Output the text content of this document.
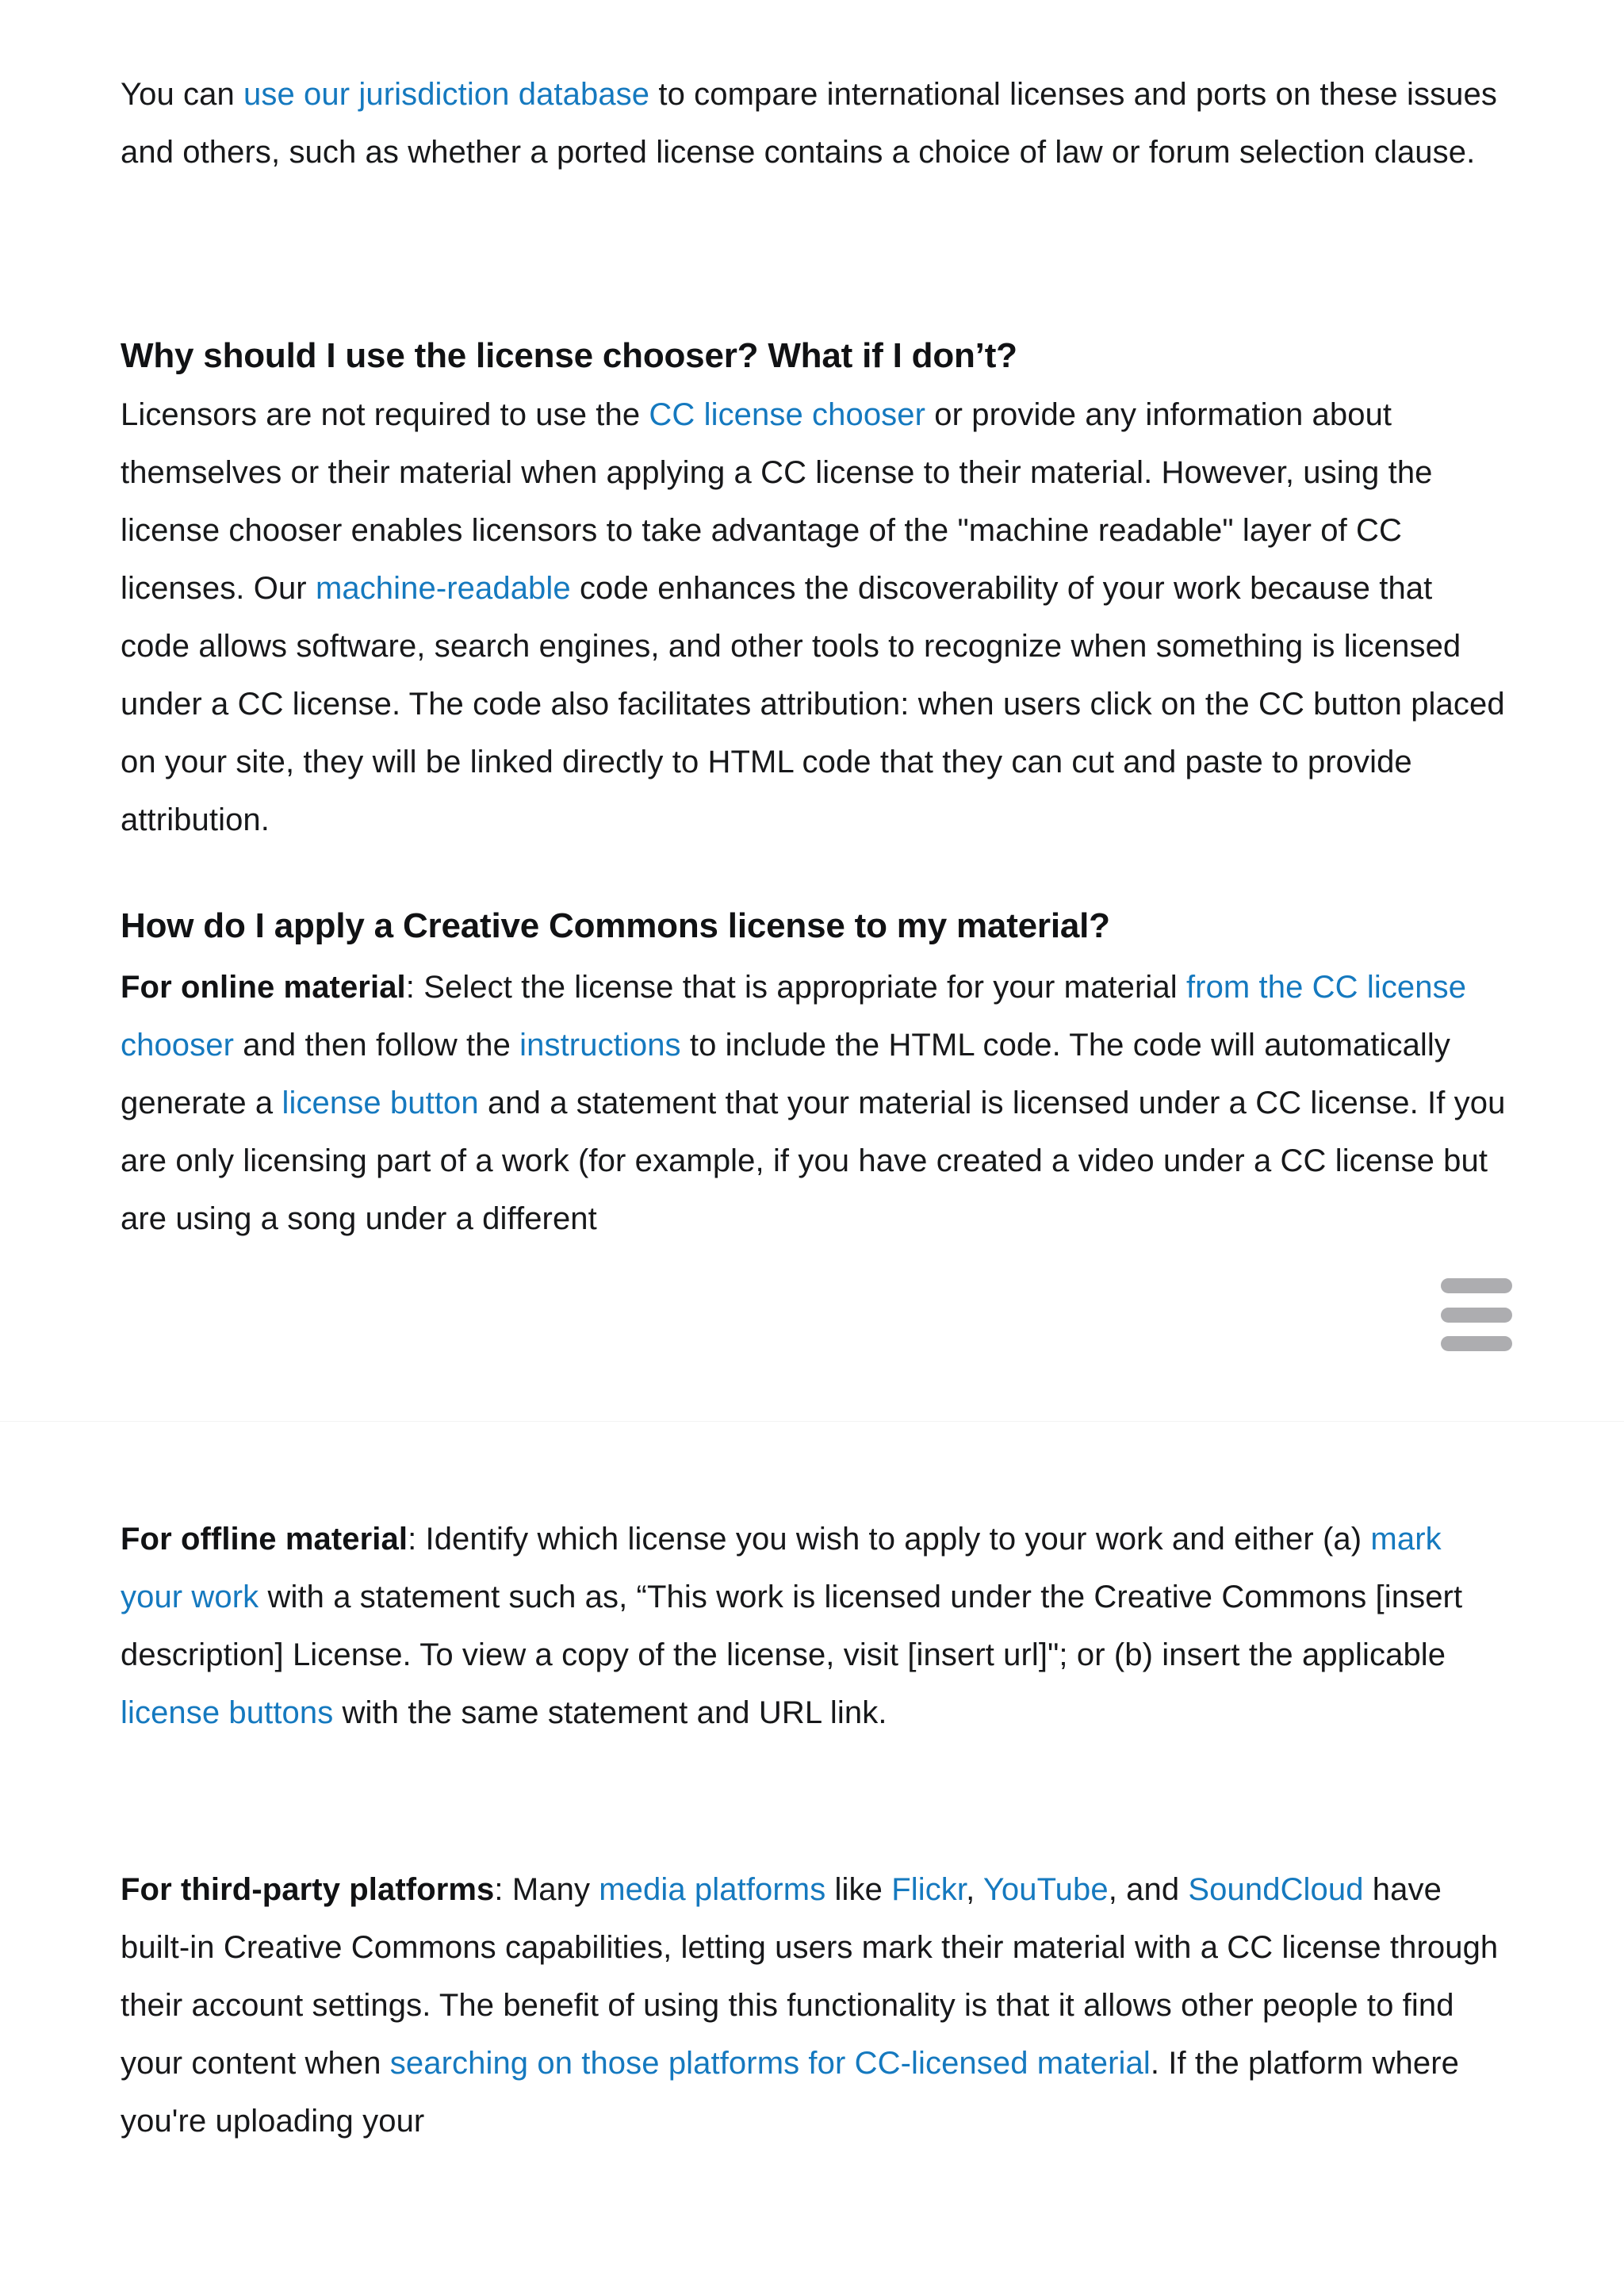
You can use our jurisdiction database to compare international licenses and ports on these issues and others, such as whether a ported license contains a choice of law or forum selection clause.

Why should I use the license chooser? What if I don’t?

Licensors are not required to use the CC license chooser or provide any information about themselves or their material when applying a CC license to their material. However, using the license chooser enables licensors to take advantage of the "machine readable" layer of CC licenses. Our machine-readable code enhances the discoverability of your work because that code allows software, search engines, and other tools to recognize when something is licensed under a CC license. The code also facilitates attribution: when users click on the CC button placed on your site, they will be linked directly to HTML code that they can cut and paste to provide attribution.

How do I apply a Creative Commons license to my material?

For online material: Select the license that is appropriate for your material from the CC license chooser and then follow the instructions to include the HTML code. The code will automatically generate a license button and a statement that your material is licensed under a CC license. If you are only licensing part of a work (for example, if you have created a video under a CC license but are using a song under a different

For offline material: Identify which license you wish to apply to your work and either (a) mark your work with a statement such as, “This work is licensed under the Creative Commons [insert description] License. To view a copy of the license, visit [insert url]"; or (b) insert the applicable license buttons with the same statement and URL link.

For third-party platforms: Many media platforms like Flickr, YouTube, and SoundCloud have built-in Creative Commons capabilities, letting users mark their material with a CC license through their account settings. The benefit of using this functionality is that it allows other people to find your content when searching on those platforms for CC-licensed material. If the platform where you're uploading your
